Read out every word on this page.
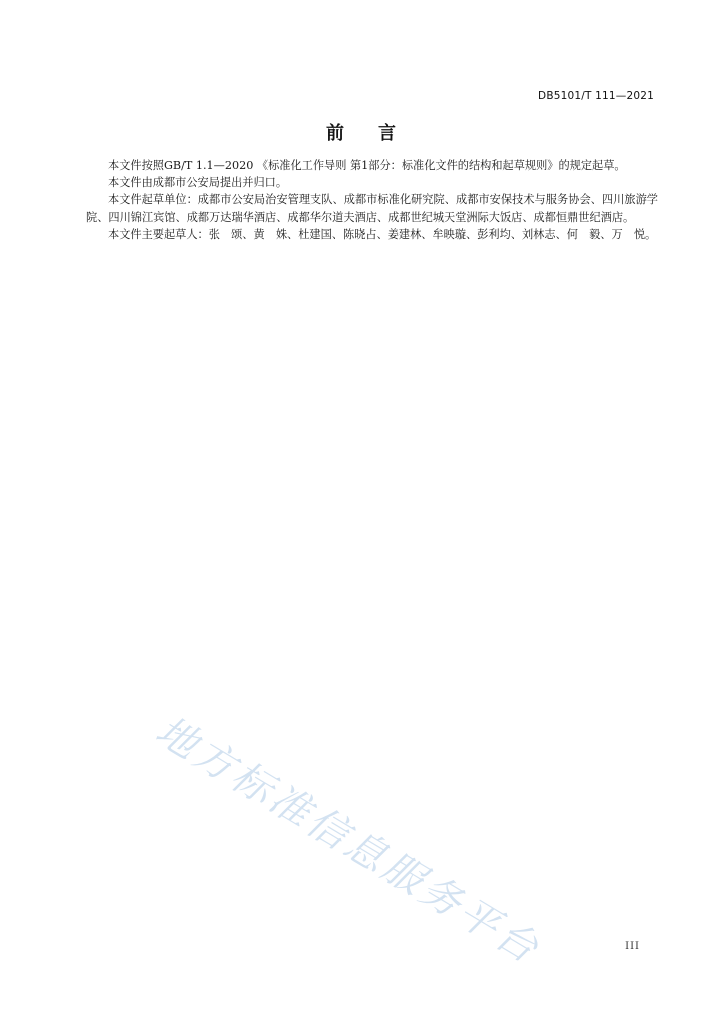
DB5101/T 111—2021
前 言

本文件按照GB/T 1.1—2020 《标准化工作导则 第1部分：标准化文件的结构和起草规则》的规定起草。

本文件由成都市公安局提出并归口。

本文件起草单位：成都市公安局治安管理支队、成都市标准化研究院、成都市安保技术与服务协会、四川旅游学院、四川锦江宾馆、成都万达瑞华酒店、成都华尔道夫酒店、成都世纪城天堂洲际大饭店、成都恒鼎世纪酒店。

本文件主要起草人：张　颂、黄　姝、杜建国、陈晓占、姜建林、牟映璇、彭利均、刘林志、何　毅、万　悦。

地方标准信息服务平台	III
